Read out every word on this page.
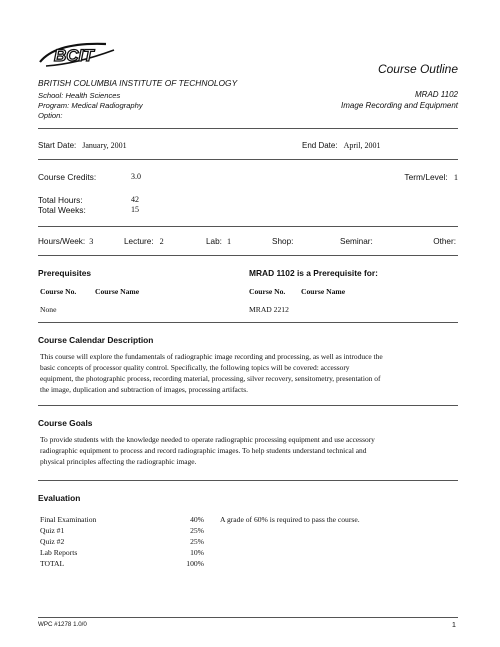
BCIT
BRITISH COLUMBIA INSTITUTE OF TECHNOLOGY
School: Health Sciences
Program: Medical Radiography
Option:
Course Outline
MRAD 1102
Image Recording and Equipment
Start Date: January, 2001	End Date: April, 2001
Course Credits:	3.0	Term/Level: 1
Total Hours:	42
Total Weeks:	15
Hours/Week: 3	Lecture: 2	Lab: 1	Shop:	Seminar:	Other:
Prerequisites	MRAD 1102 is a Prerequisite for:
Course No. Course Name	Course No. Course Name
None	MRAD 2212
Course Calendar Description
This course will explore the fundamentals of radiographic image recording and processing, as well as introduce the
basic concepts of processor quality control. Specifically, the following topics will be covered: accessory
equipment, the photographic process, recording material, processing, silver recovery, sensitometry, presentation of
the image, duplication and subtraction of images, processing artifacts.
Course Goals
To provide students with the knowledge needed to operate radiographic processing equipment and use accessory
radiographic equipment to process and record radiographic images. To help students understand technical and
physical principles affecting the radiographic image.
Evaluation
Final Examination	40%
Quiz #1	25%
Quiz #2	25%
Lab Reports	10%
TOTAL	100%
A grade of 60% is required to pass the course.
WPC #1278 1.0/0	1
